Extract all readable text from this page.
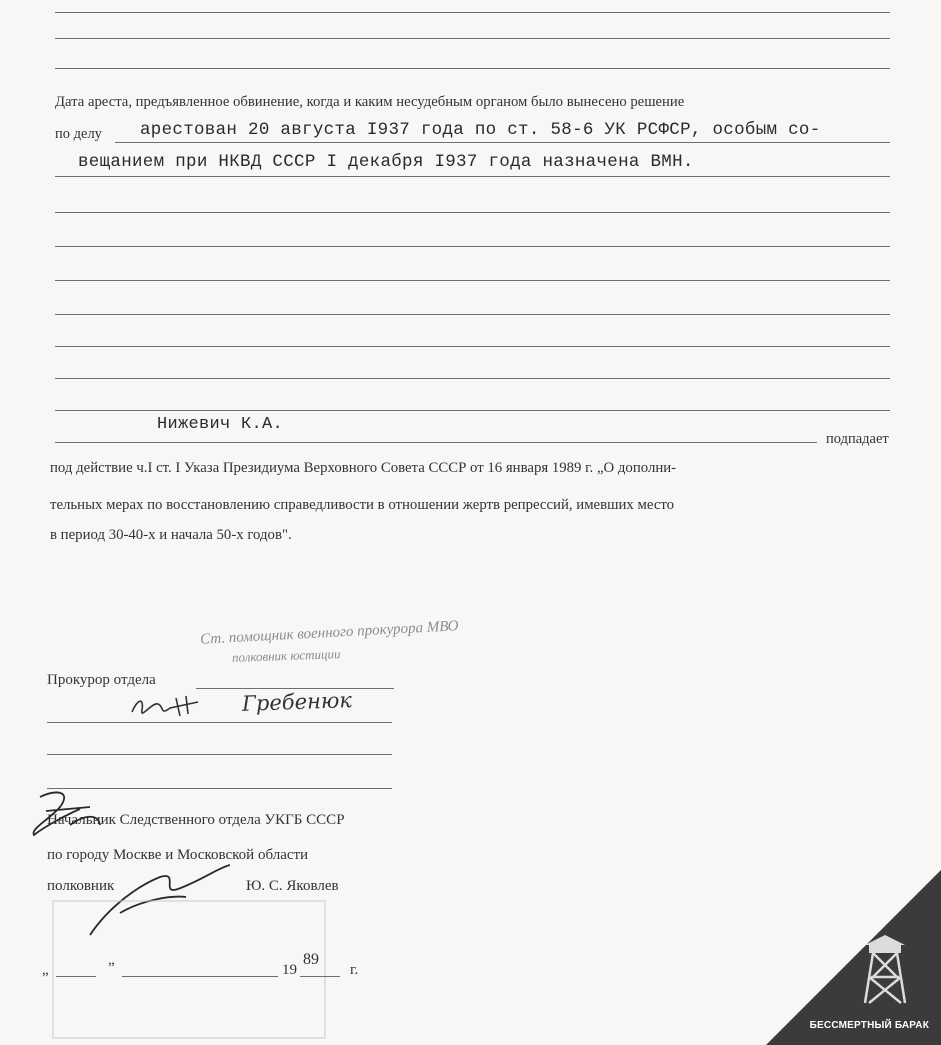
Дата ареста, предъявленное обвинение, когда и каким несудебным органом было вынесено решение
по делу арестован 20 августа I937 года по ст. 58-6 УК РСФСР, особым со-
вещанием при НКВД СССР I декабря I937 года назначена ВМН.
Нижевич К.А.
подпадает
под действие ч.I ст. I Указа Президиума Верховного Совета СССР от 16 января 1989 г. „О дополни-
тельных мерах по восстановлению справедливости в отношении жертв репрессий, имевших место
в период 30-40-х и начала 50-х годов".
Ст. помощник военного прокурора МВО
полковник юстиции
Прокурор отдела
Гребенюк
Начальник Следственного отдела УКГБ СССР
по городу Москве и Московской области
полковник	Ю. С. Яковлев
„	”	19
89
г.
БЕССМЕРТНЫЙ БАРАК
